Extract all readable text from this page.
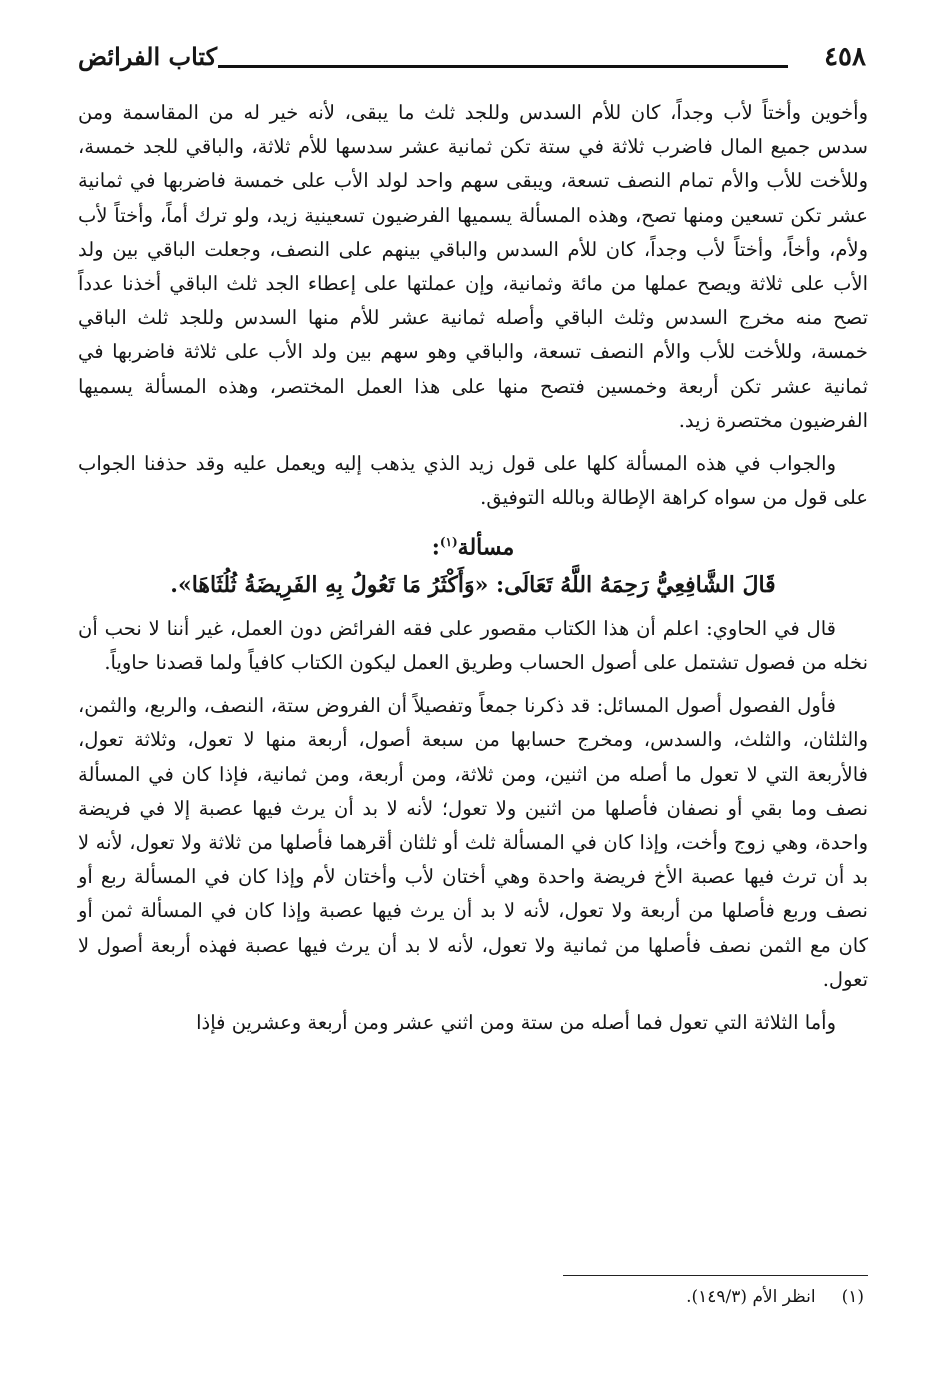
٤٥٨
كتاب الفرائض

وأخوين وأختاً لأب وجداً، كان للأم السدس وللجد ثلث ما يبقى، لأنه خير له من المقاسمة ومن سدس جميع المال فاضرب ثلاثة في ستة تكن ثمانية عشر سدسها للأم ثلاثة، والباقي للجد خمسة، وللأخت للأب والأم تمام النصف تسعة، ويبقى سهم واحد لولد الأب على خمسة فاضربها في ثمانية عشر تكن تسعين ومنها تصح، وهذه المسألة يسميها الفرضيون تسعينية زيد، ولو ترك أماً، وأختاً لأب ولأم، وأخاً، وأختاً لأب وجداً، كان للأم السدس والباقي بينهم على النصف، وجعلت الباقي بين ولد الأب على ثلاثة ويصح عملها من مائة وثمانية، وإن عملتها على إعطاء الجد ثلث الباقي أخذنا عدداً تصح منه مخرج السدس وثلث الباقي وأصله ثمانية عشر للأم منها السدس وللجد ثلث الباقي خمسة، وللأخت للأب والأم النصف تسعة، والباقي وهو سهم بين ولد الأب على ثلاثة فاضربها في ثمانية عشر تكن أربعة وخمسين فتصح منها على هذا العمل المختصر، وهذه المسألة يسميها الفرضيون مختصرة زيد.

والجواب في هذه المسألة كلها على قول زيد الذي يذهب إليه ويعمل عليه وقد حذفنا الجواب على قول من سواه كراهة الإطالة وبالله التوفيق.

مسألة$^{(١)}$:

قَالَ الشَّافِعِيُّ رَحِمَهُ اللَّهُ تَعَالَى: «وَأَكْثَرُ مَا تَعُولُ بِهِ الفَرِيضَةُ ثُلُثَاهَا».

قال في الحاوي: اعلم أن هذا الكتاب مقصور على فقه الفرائض دون العمل، غير أننا لا نحب أن نخله من فصول تشتمل على أصول الحساب وطريق العمل ليكون الكتاب كافياً ولما قصدنا حاوياً.

فأول الفصول أصول المسائل: قد ذكرنا جمعاً وتفصيلاً أن الفروض ستة، النصف، والربع، والثمن، والثلثان، والثلث، والسدس، ومخرج حسابها من سبعة أصول، أربعة منها لا تعول، وثلاثة تعول، فالأربعة التي لا تعول ما أصله من اثنين، ومن ثلاثة، ومن أربعة، ومن ثمانية، فإذا كان في المسألة نصف وما بقي أو نصفان فأصلها من اثنين ولا تعول؛ لأنه لا بد أن يرث فيها عصبة إلا في فريضة واحدة، وهي زوج وأخت، وإذا كان في المسألة ثلث أو ثلثان أقرهما فأصلها من ثلاثة ولا تعول، لأنه لا بد أن ترث فيها عصبة الأخ فريضة واحدة وهي أختان لأب وأختان لأم وإذا كان في المسألة ربع أو نصف وربع فأصلها من أربعة ولا تعول، لأنه لا بد أن يرث فيها عصبة وإذا كان في المسألة ثمن أو كان مع الثمن نصف فأصلها من ثمانية ولا تعول، لأنه لا بد أن يرث فيها عصبة فهذه أربعة أصول لا تعول.

وأما الثلاثة التي تعول فما أصله من ستة ومن اثني عشر ومن أربعة وعشرين فإذا

(١)انظر الأم (١٤٩/٣).
